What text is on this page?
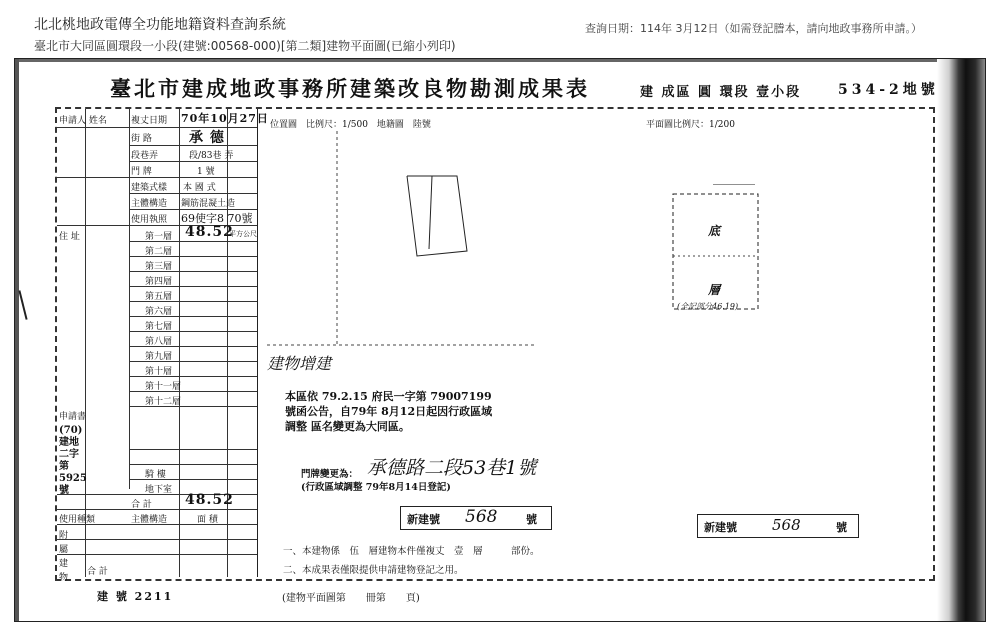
北北桃地政電傳全功能地籍資料查詢系統
臺北市大同區圓環段一小段(建號:00568-000)[第二類]建物平面圖(已縮小列印)
查詢日期：114年 3月12日（如需登記謄本，請向地政事務所申請。）
臺北市建成地政事務所建築改良物勘測成果表	建 成區 圓 環段 壹小段	534-2地號
申請人 姓名	複丈日期 70年10月27日
街 路	承 德
段巷弄	段/83巷 弄
門 牌	1 號
建築式樣 本 國 式
主體構造 鋼筋混凝土造
使用執照 69使字8 70號
住 址	第一層 48.52
平方公尺
第二層
第三層
第四層
第五層
第六層
第七層
第八層
第九層
第十層
第十一層
第十二層
申請書
(70) 建地二字第 5925 號
騎 樓
地下室
合 計 48.52
使用種類	主體構造	面 積
附屬建物
合 計
位置圖　比例尺：1/500　地籍圖　陸號	平面圖比例尺：1/200
底
層
(全記部分46.19)
建物增建
本區依 79.2.15 府民一字第 79007199號函公告，自79年 8月12日起因行政區域調整 區名變更為大同區。
門牌變更為： 承德路二段53巷1號
(行政區域調整 79年8月14日登記)
新建號 568	號
新建號 568	號
一、本建物係　伍　層建物本件僅複丈　壹　層　　　部份。
二、本成果表僅限提供申請建物登記之用。
建 號 2211	(建物平面圖第　　冊第　　頁)
